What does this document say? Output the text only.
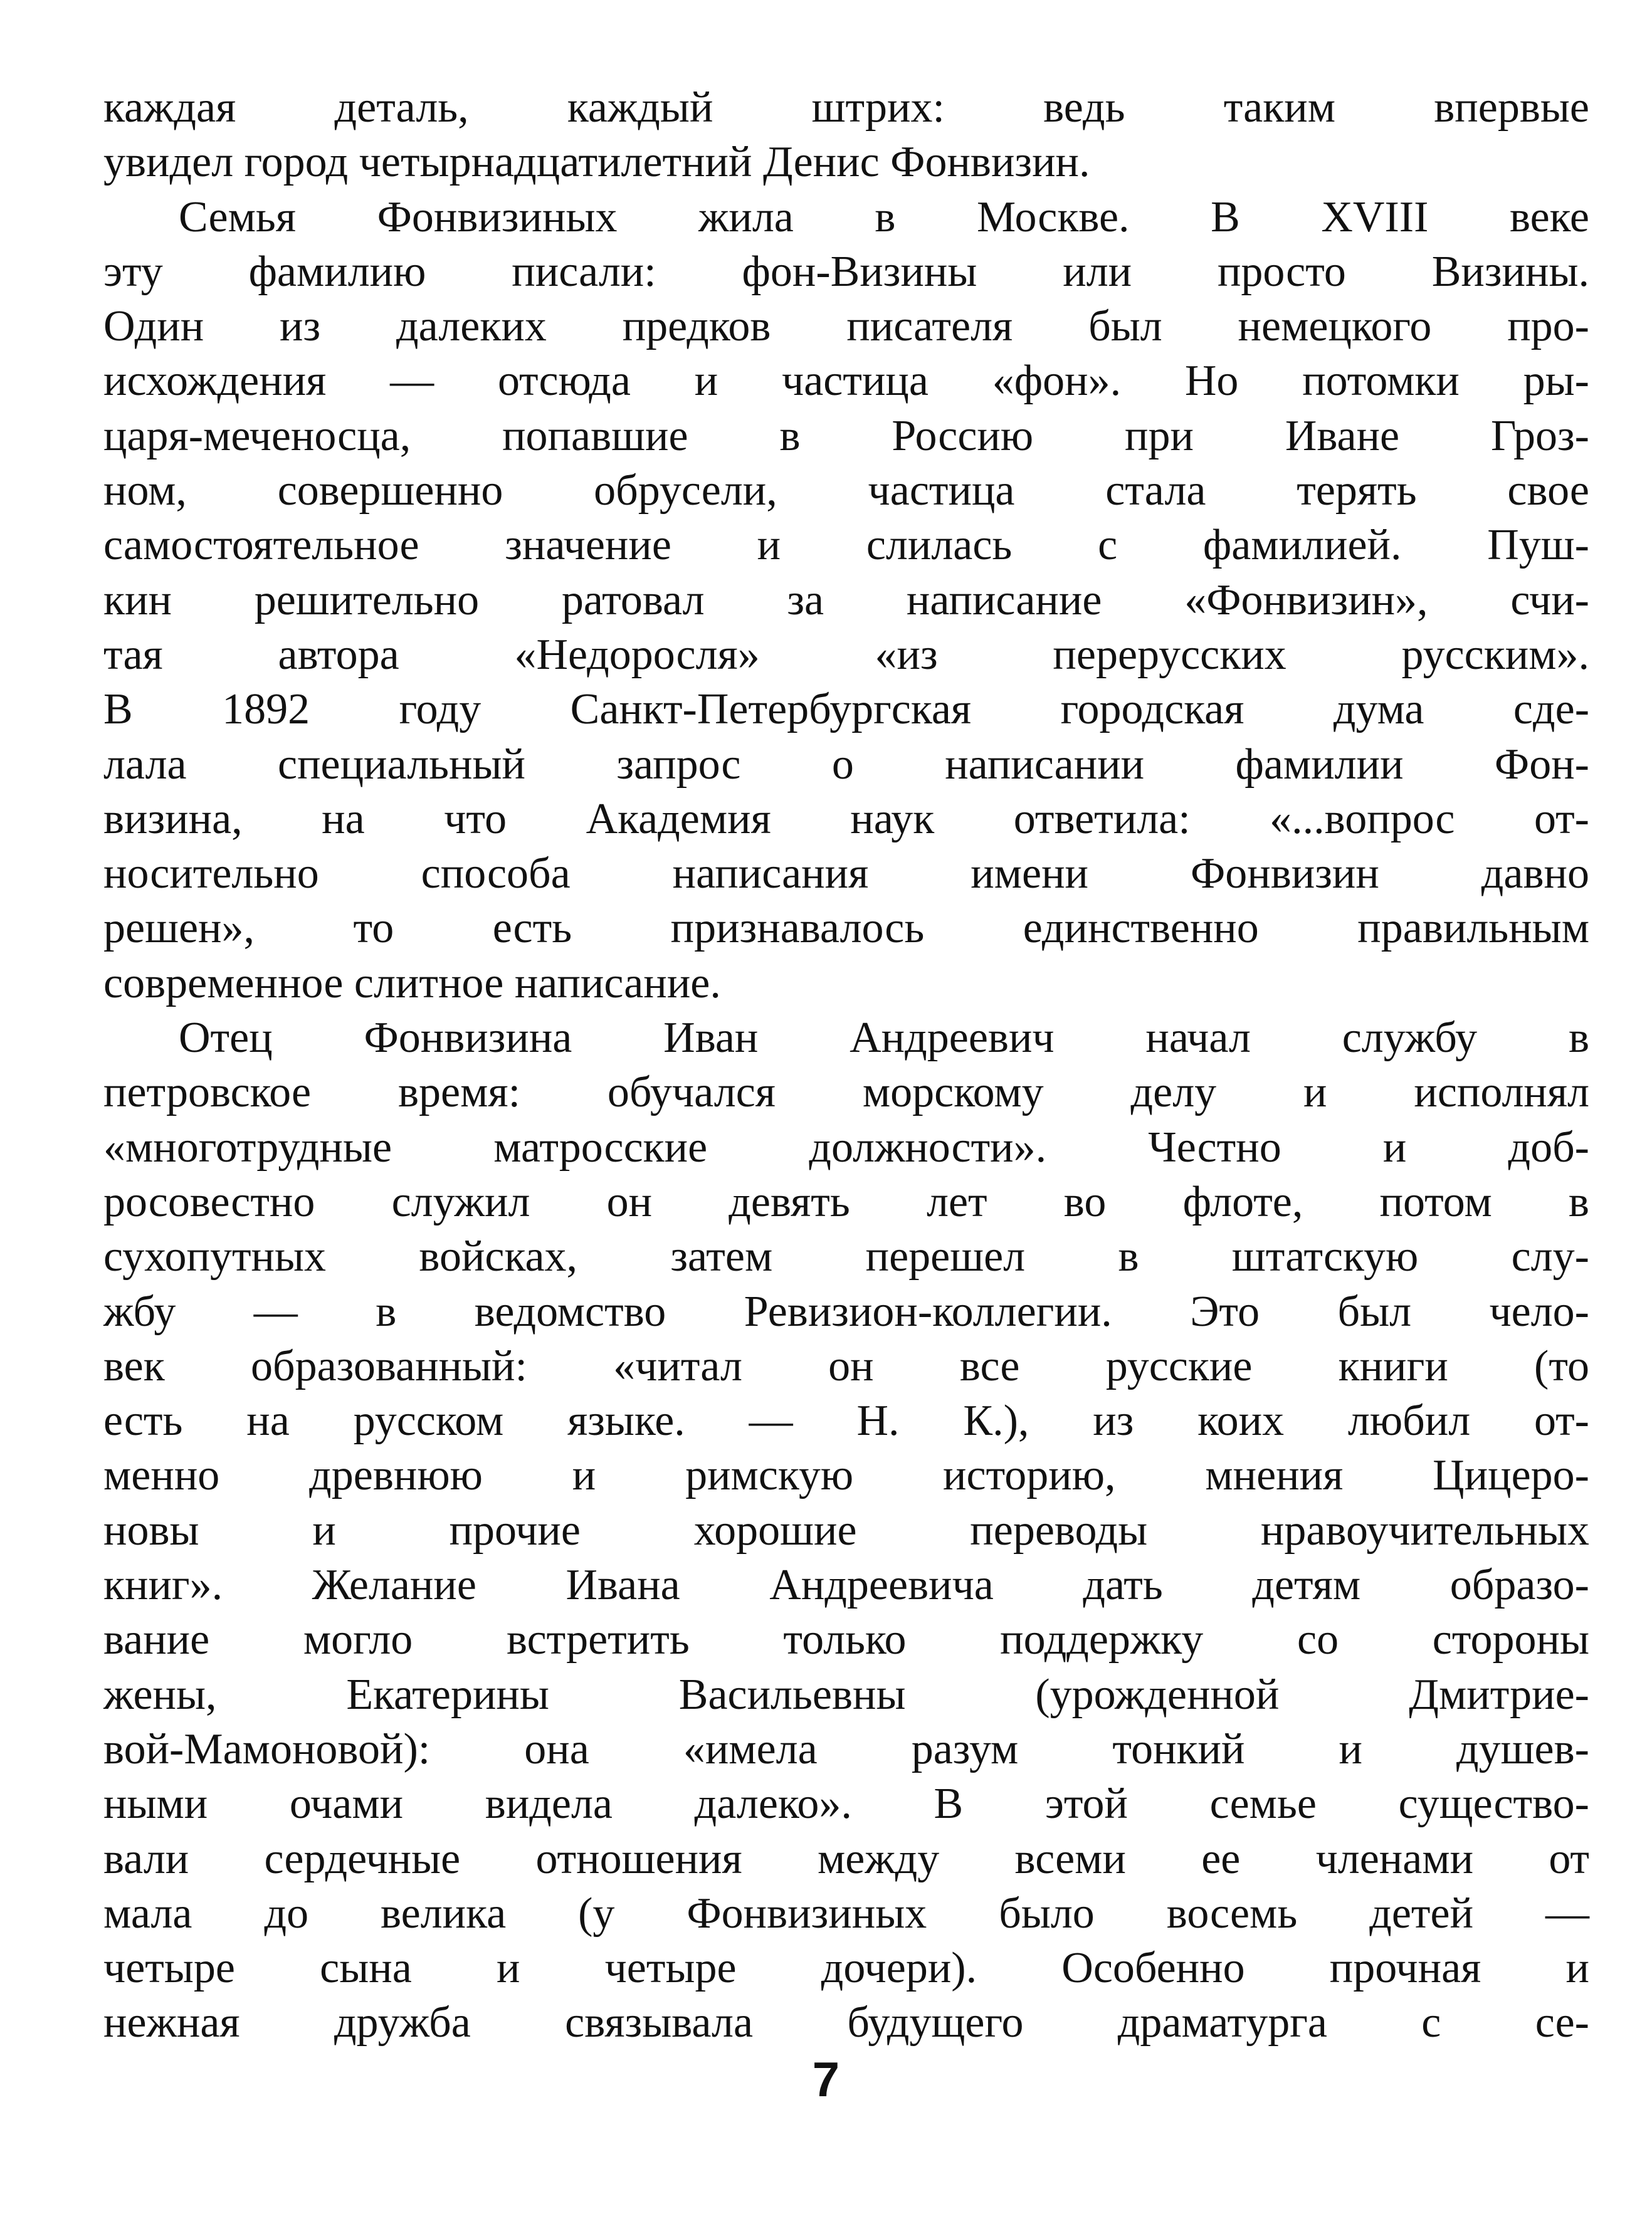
каждая деталь, каждый штрих: ведь таким впервые
увидел город четырнадцатилетний Денис Фонвизин.
Семья Фонвизиных жила в Москве. В XVIII веке
эту фамилию писали: фон-Визины или просто Визины.
Один из далеких предков писателя был немецкого про-
исхождения — отсюда и частица «фон». Но потомки ры-
царя-меченосца, попавшие в Россию при Иване Гроз-
ном, совершенно обрусели, частица стала терять свое
самостоятельное значение и слилась с фамилией. Пуш-
кин решительно ратовал за написание «Фонвизин», счи-
тая автора «Недоросля» «из перерусских русским».
В 1892 году Санкт-Петербургская городская дума сде-
лала специальный запрос о написании фамилии Фон-
визина, на что Академия наук ответила: «...вопрос от-
носительно способа написания имени Фонвизин давно
решен», то есть признавалось единственно правильным
современное слитное написание.
Отец Фонвизина Иван Андреевич начал службу в
петровское время: обучался морскому делу и исполнял
«многотрудные матросские должности». Честно и доб-
росовестно служил он девять лет во флоте, потом в
сухопутных войсках, затем перешел в штатскую слу-
жбу — в ведомство Ревизион-коллегии. Это был чело-
век образованный: «читал он все русские книги (то
есть на русском языке. — Н. К.), из коих любил от-
менно древнюю и римскую историю, мнения Цицеро-
новы и прочие хорошие переводы нравоучительных
книг». Желание Ивана Андреевича дать детям образо-
вание могло встретить только поддержку со стороны
жены, Екатерины Васильевны (урожденной Дмитрие-
вой-Мамоновой): она «имела разум тонкий и душев-
ными очами видела далеко». В этой семье существо-
вали сердечные отношения между всеми ее членами от
мала до велика (у Фонвизиных было восемь детей —
четыре сына и четыре дочери). Особенно прочная и
нежная дружба связывала будущего драматурга с се-
7
